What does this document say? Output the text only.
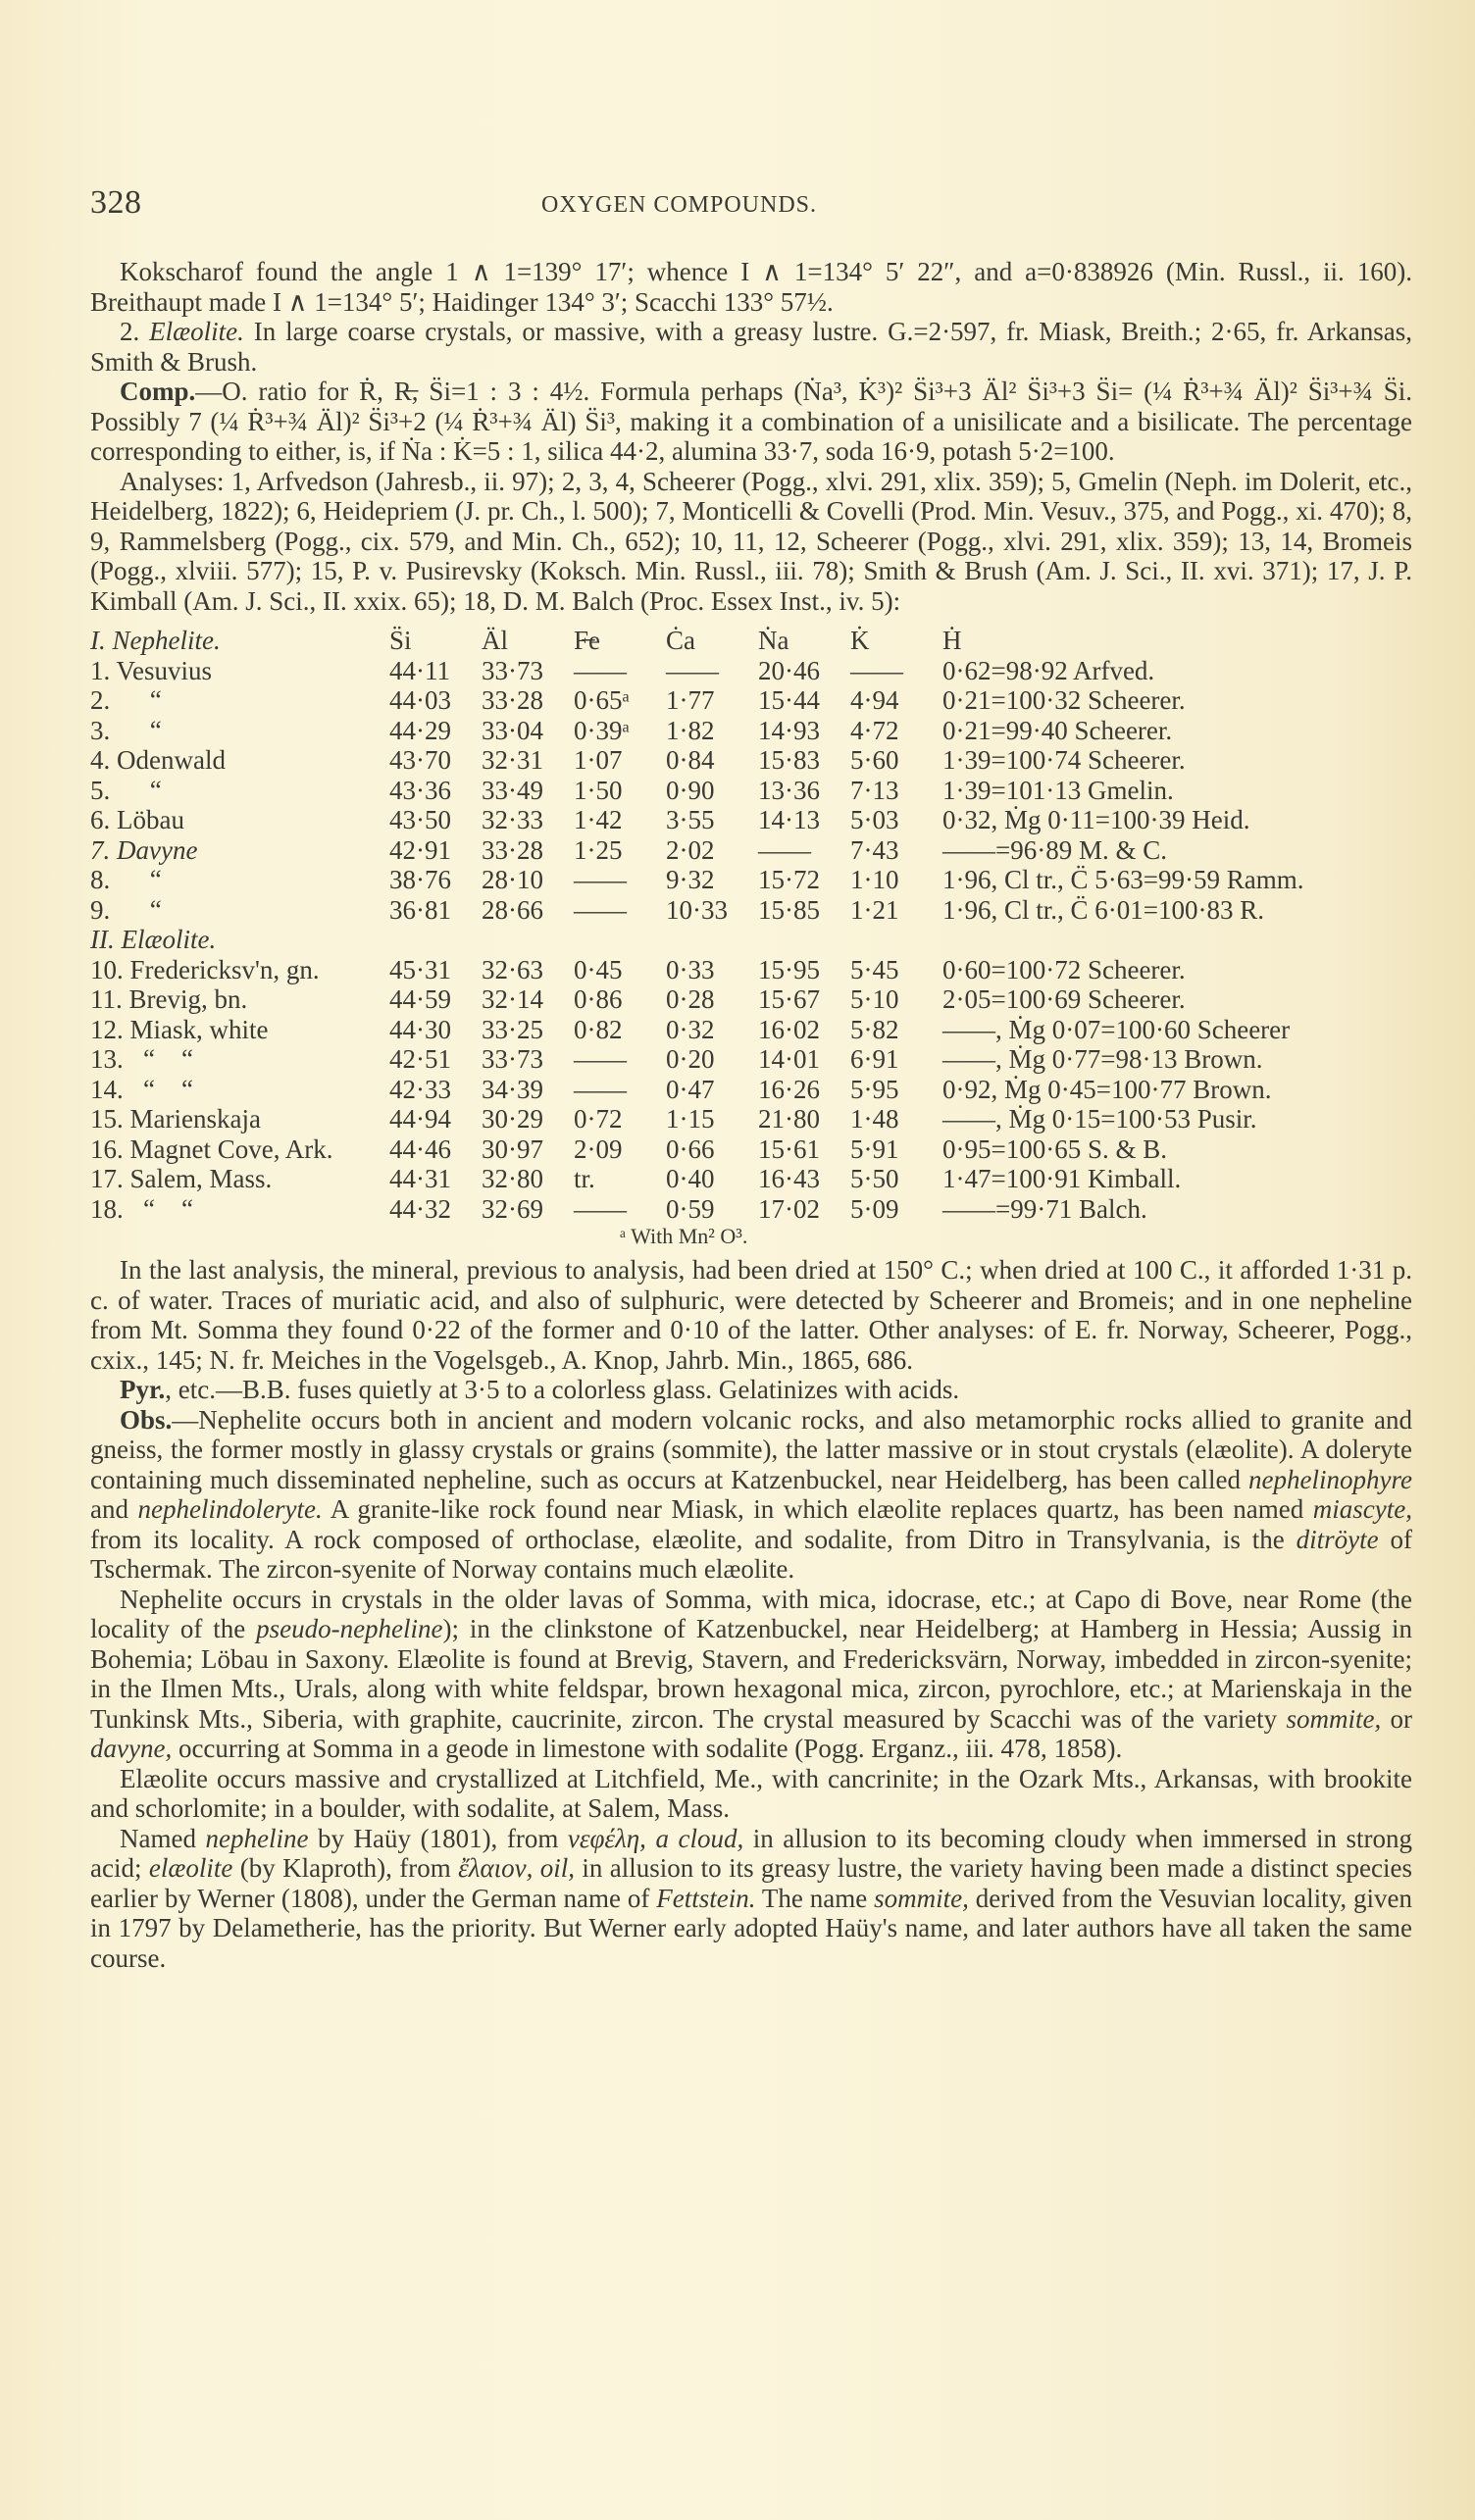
328	OXYGEN COMPOUNDS.

Kokscharof found the angle 1 ∧ 1=139° 17′; whence I ∧ 1=134° 5′ 22″, and a=0·838926 (Min. Russl., ii. 160). Breithaupt made I ∧ 1=134° 5′; Haidinger 134° 3′; Scacchi 133° 57½.

2. Elæolite. In large coarse crystals, or massive, with a greasy lustre. G.=2·597, fr. Miask, Breith.; 2·65, fr. Arkansas, Smith & Brush.

Comp.—O. ratio for Ṙ, R̶, S̈i=1 : 3 : 4½. Formula perhaps (Ṅa³, K̇³)² S̈i³+3 Äl² S̈i³+3 S̈i= (¼ Ṙ³+¾ Äl)² S̈i³+¾ S̈i. Possibly 7 (¼ Ṙ³+¾ Äl)² S̈i³+2 (¼ Ṙ³+¾ Äl) S̈i³, making it a combination of a unisilicate and a bisilicate. The percentage corresponding to either, is, if Ṅa : K̇=5 : 1, silica 44·2, alumina 33·7, soda 16·9, potash 5·2=100.

Analyses: 1, Arfvedson (Jahresb., ii. 97); 2, 3, 4, Scheerer (Pogg., xlvi. 291, xlix. 359); 5, Gmelin (Neph. im Dolerit, etc., Heidelberg, 1822); 6, Heidepriem (J. pr. Ch., l. 500); 7, Monticelli & Covelli (Prod. Min. Vesuv., 375, and Pogg., xi. 470); 8, 9, Rammelsberg (Pogg., cix. 579, and Min. Ch., 652); 10, 11, 12, Scheerer (Pogg., xlvi. 291, xlix. 359); 13, 14, Bromeis (Pogg., xlviii. 577); 15, P. v. Pusirevsky (Koksch. Min. Russl., iii. 78); Smith & Brush (Am. J. Sci., II. xvi. 371); 17, J. P. Kimball (Am. J. Sci., II. xxix. 65); 18, D. M. Balch (Proc. Essex Inst., iv. 5):

I. Nephelite.	S̈i	Äl	F̶e	Ċa	Ṅa	K̇	Ḣ
1. Vesuvius	44·11	33·73	——	——	20·46	——	0·62=98·92 Arfved.
2.      “	44·03	33·28	0·65ᵃ	1·77	15·44	4·94	0·21=100·32 Scheerer.
3.      “	44·29	33·04	0·39ᵃ	1·82	14·93	4·72	0·21=99·40 Scheerer.
4. Odenwald	43·70	32·31	1·07	0·84	15·83	5·60	1·39=100·74 Scheerer.
5.      “	43·36	33·49	1·50	0·90	13·36	7·13	1·39=101·13 Gmelin.
6. Löbau	43·50	32·33	1·42	3·55	14·13	5·03	0·32, Ṁg 0·11=100·39 Heid.
7. Davyne	42·91	33·28	1·25	2·02	——	7·43	——=96·89 M. & C.
8.      “	38·76	28·10	——	9·32	15·72	1·10	1·96, Cl tr., C̈ 5·63=99·59 Ramm.
9.      “	36·81	28·66	——	10·33	15·85	1·21	1·96, Cl tr., C̈ 6·01=100·83 R.
II. Elæolite.							
10. Fredericksv'n, gn.	45·31	32·63	0·45	0·33	15·95	5·45	0·60=100·72 Scheerer.
11. Brevig, bn.	44·59	32·14	0·86	0·28	15·67	5·10	2·05=100·69 Scheerer.
12. Miask, white	44·30	33·25	0·82	0·32	16·02	5·82	——, Ṁg 0·07=100·60 Scheerer
13.   “    “	42·51	33·73	——	0·20	14·01	6·91	——, Ṁg 0·77=98·13 Brown.
14.   “    “	42·33	34·39	——	0·47	16·26	5·95	0·92, Ṁg 0·45=100·77 Brown.
15. Marienskaja	44·94	30·29	0·72	1·15	21·80	1·48	——, Ṁg 0·15=100·53 Pusir.
16. Magnet Cove, Ark.	44·46	30·97	2·09	0·66	15·61	5·91	0·95=100·65 S. & B.
17. Salem, Mass.	44·31	32·80	tr.	0·40	16·43	5·50	1·47=100·91 Kimball.
18.   “    “	44·32	32·69	——	0·59	17·02	5·09	——=99·71 Balch.
ᵃ With Mn² O³.							

In the last analysis, the mineral, previous to analysis, had been dried at 150° C.; when dried at 100 C., it afforded 1·31 p. c. of water. Traces of muriatic acid, and also of sulphuric, were detected by Scheerer and Bromeis; and in one nepheline from Mt. Somma they found 0·22 of the former and 0·10 of the latter. Other analyses: of E. fr. Norway, Scheerer, Pogg., cxix., 145; N. fr. Meiches in the Vogelsgeb., A. Knop, Jahrb. Min., 1865, 686.

Pyr., etc.—B.B. fuses quietly at 3·5 to a colorless glass. Gelatinizes with acids.

Obs.—Nephelite occurs both in ancient and modern volcanic rocks, and also metamorphic rocks allied to granite and gneiss, the former mostly in glassy crystals or grains (sommite), the latter massive or in stout crystals (elæolite). A doleryte containing much disseminated nepheline, such as occurs at Katzenbuckel, near Heidelberg, has been called nephelinophyre and nephelindoleryte. A granite-like rock found near Miask, in which elæolite replaces quartz, has been named miascyte, from its locality. A rock composed of orthoclase, elæolite, and sodalite, from Ditro in Transylvania, is the ditröyte of Tschermak. The zircon-syenite of Norway contains much elæolite.

Nephelite occurs in crystals in the older lavas of Somma, with mica, idocrase, etc.; at Capo di Bove, near Rome (the locality of the pseudo-nepheline); in the clinkstone of Katzenbuckel, near Heidelberg; at Hamberg in Hessia; Aussig in Bohemia; Löbau in Saxony. Elæolite is found at Brevig, Stavern, and Fredericksvärn, Norway, imbedded in zircon-syenite; in the Ilmen Mts., Urals, along with white feldspar, brown hexagonal mica, zircon, pyrochlore, etc.; at Marienskaja in the Tunkinsk Mts., Siberia, with graphite, caucrinite, zircon. The crystal measured by Scacchi was of the variety sommite, or davyne, occurring at Somma in a geode in limestone with sodalite (Pogg. Erganz., iii. 478, 1858).

Elæolite occurs massive and crystallized at Litchfield, Me., with cancrinite; in the Ozark Mts., Arkansas, with brookite and schorlomite; in a boulder, with sodalite, at Salem, Mass.

Named nepheline by Haüy (1801), from νεφέλη, a cloud, in allusion to its becoming cloudy when immersed in strong acid; elæolite (by Klaproth), from ἔλαιον, oil, in allusion to its greasy lustre, the variety having been made a distinct species earlier by Werner (1808), under the German name of Fettstein. The name sommite, derived from the Vesuvian locality, given in 1797 by Delametherie, has the priority. But Werner early adopted Haüy's name, and later authors have all taken the same course.
